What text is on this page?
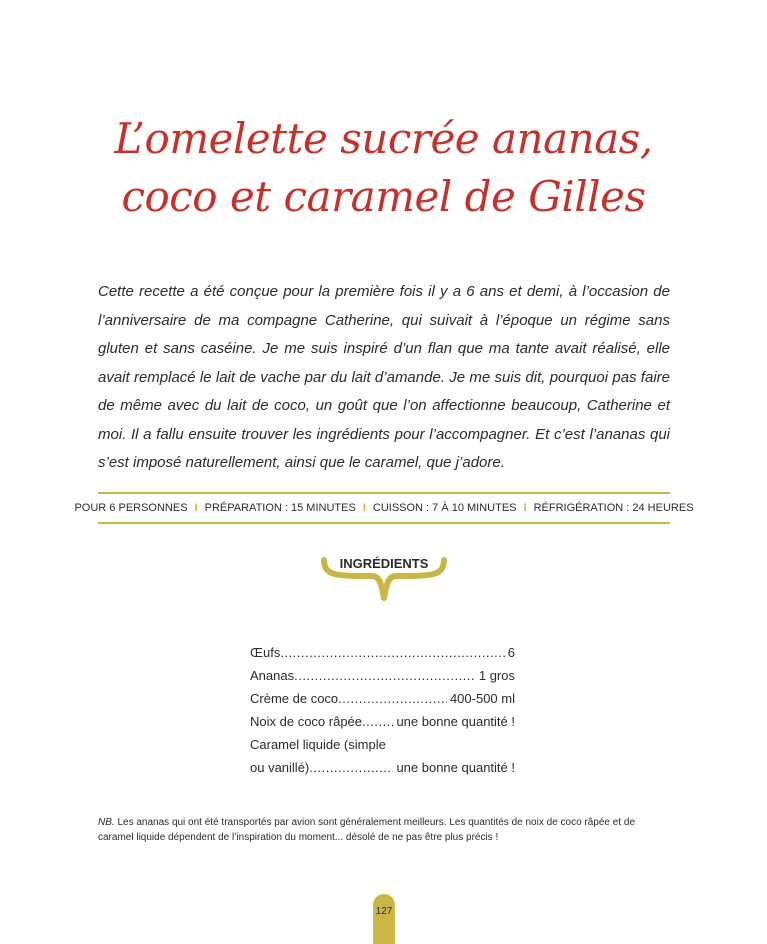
L’omelette sucrée ananas,
coco et caramel de Gilles

Cette recette a été conçue pour la première fois il y a 6 ans et demi, à l’occasion de l’anniversaire de ma compagne Catherine, qui suivait à l’époque un régime sans gluten et sans caséine. Je me suis inspiré d’un flan que ma tante avait réalisé, elle avait remplacé le lait de vache par du lait d’amande. Je me suis dit, pourquoi pas faire de même avec du lait de coco, un goût que l’on affectionne beaucoup, Catherine et moi. Il a fallu ensuite trouver les ingrédients pour l’accompagner. Et c’est l’ananas qui s’est imposé naturellement, ainsi que le caramel, que j’adore.

POUR 6 PERSONNES I PRÉPARATION : 15 MINUTES I CUISSON : 7 À 10 MINUTES I RÉFRIGÉRATION : 24 HEURES
INGRÉDIENTS
Œufs .....	6
Ananas .....	1 gros
Crème de coco .....	400-500 ml
Noix de coco râpée .....	une bonne quantité !
Caramel liquide (simple
ou vanillé) .....	une bonne quantité !
NB. Les ananas qui ont été transportés par avion sont généralement meilleurs. Les quantités de noix de coco râpée et de caramel liquide dépendent de l’inspiration du moment... désolé de ne pas être plus précis !
127
